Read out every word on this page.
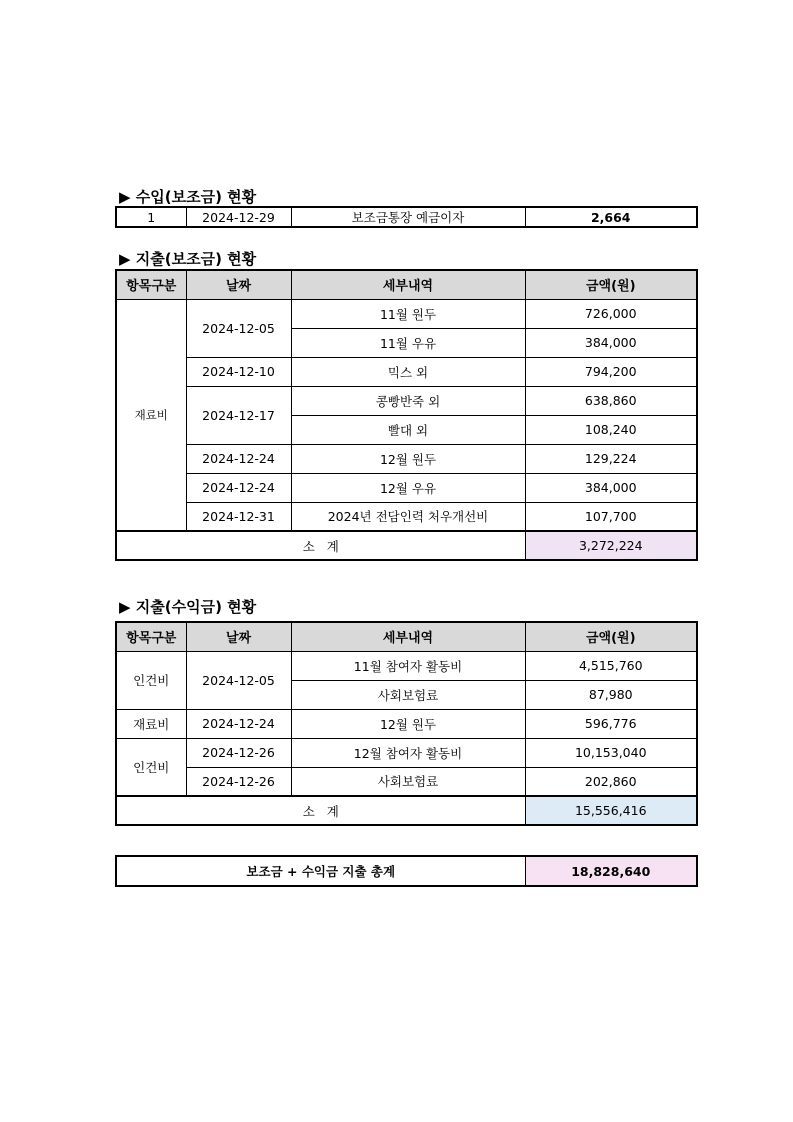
▶ 수입(보조금) 현황
1	2024-12-29	보조금통장 예금이자	2,664
▶ 지출(보조금) 현황
항목구분	날짜	세부내역	금액(원)
재료비	2024-12-05	11월 원두	726,000
		11월 우유	384,000
	2024-12-10	믹스 외	794,200
	2024-12-17	콩빵반죽 외	638,860
		빨대 외	108,240
	2024-12-24	12월 원두	129,224
	2024-12-24	12월 우유	384,000
	2024-12-31	2024년 전담인력 처우개선비	107,700
소   계			3,272,224
▶ 지출(수익금) 현황
항목구분	날짜	세부내역	금액(원)
인건비	2024-12-05	11월 참여자 활동비	4,515,760
		사회보험료	87,980
재료비	2024-12-24	12월 원두	596,776
인건비	2024-12-26	12월 참여자 활동비	10,153,040
	2024-12-26	사회보험료	202,860
소   계			15,556,416
보조금 + 수익금 지출 총계	18,828,640
